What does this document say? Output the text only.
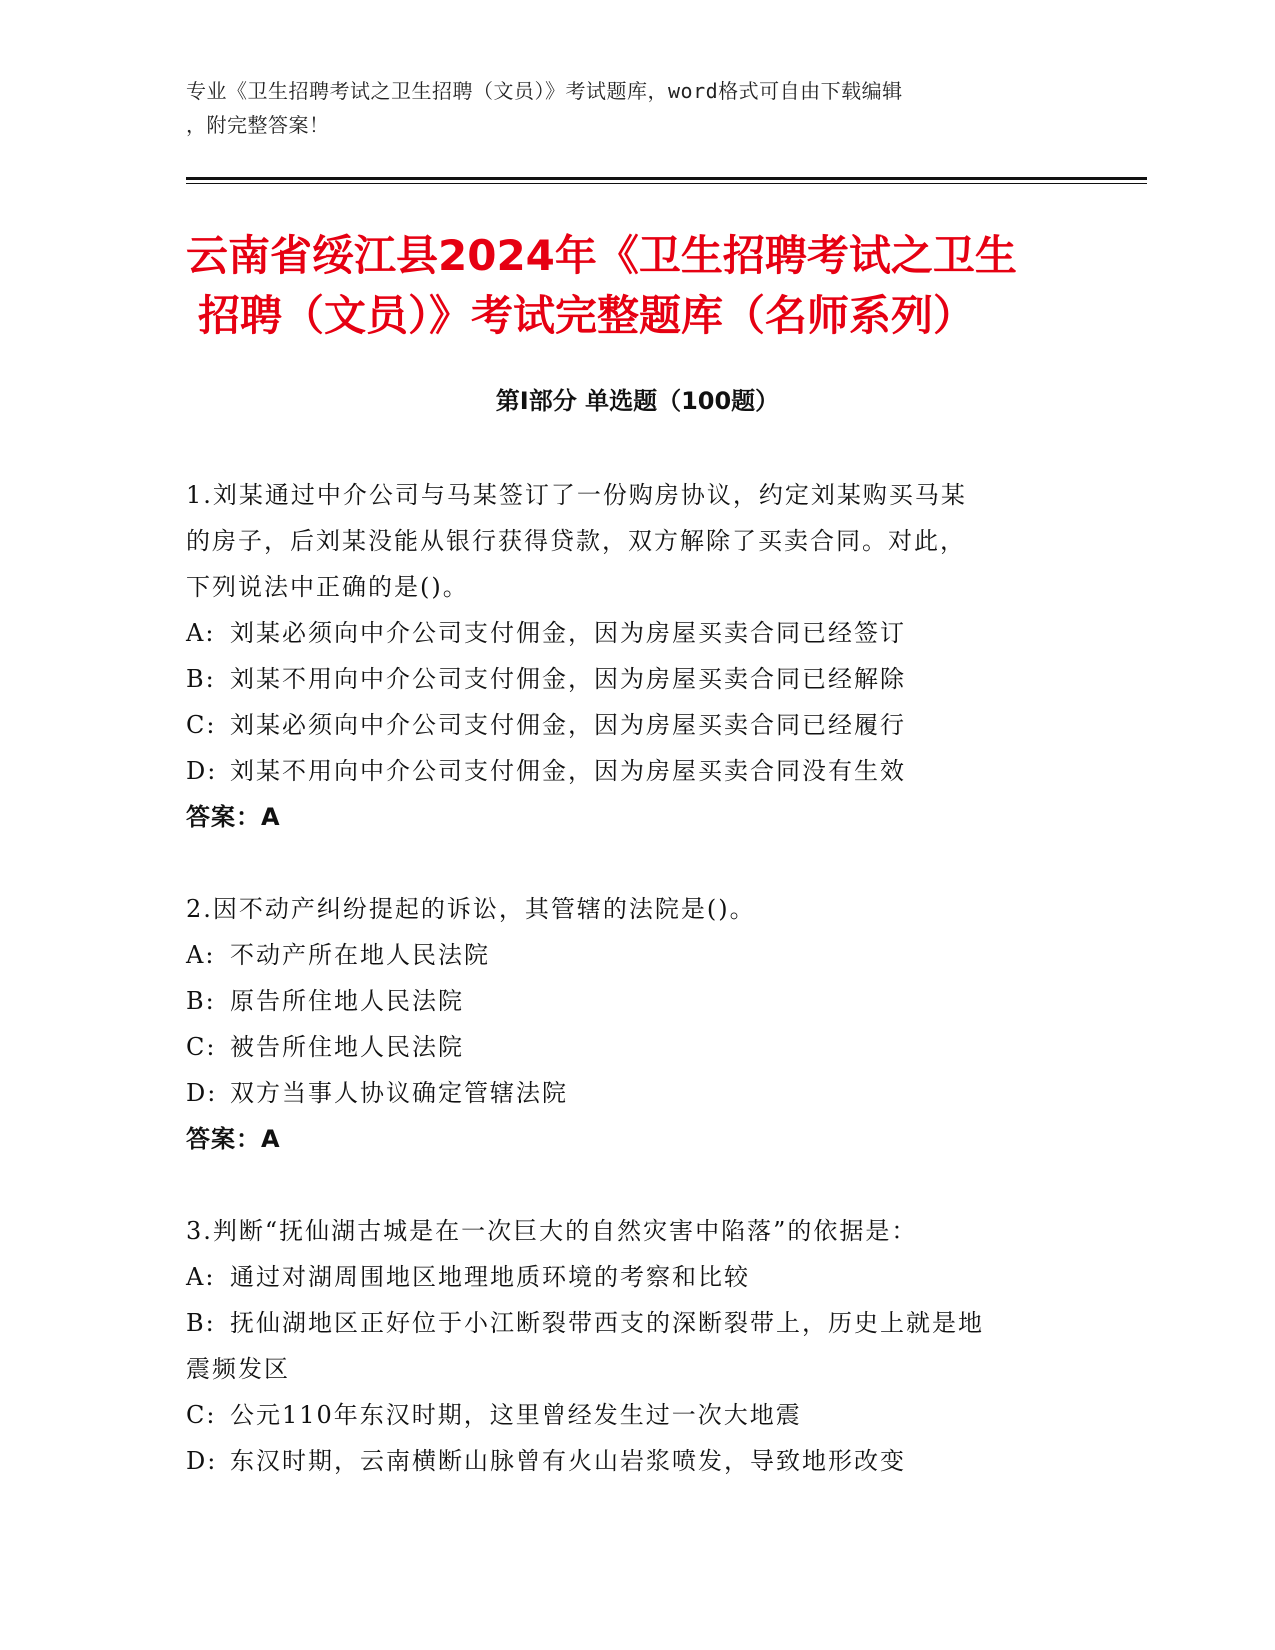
专业《卫生招聘考试之卫生招聘（文员）》考试题库，word格式可自由下载编辑
，附完整答案！
云南省绥江县2024年《卫生招聘考试之卫生
招聘（文员）》考试完整题库（名师系列）
第Ⅰ部分 单选题（100题）
1.刘某通过中介公司与马某签订了一份购房协议，约定刘某购买马某
的房子，后刘某没能从银行获得贷款，双方解除了买卖合同。对此，
下列说法中正确的是()。
A: 刘某必须向中介公司支付佣金，因为房屋买卖合同已经签订
B: 刘某不用向中介公司支付佣金，因为房屋买卖合同已经解除
C: 刘某必须向中介公司支付佣金，因为房屋买卖合同已经履行
D: 刘某不用向中介公司支付佣金，因为房屋买卖合同没有生效
答案：A
2.因不动产纠纷提起的诉讼，其管辖的法院是()。
A: 不动产所在地人民法院
B: 原告所住地人民法院
C: 被告所住地人民法院
D: 双方当事人协议确定管辖法院
答案：A
3.判断“抚仙湖古城是在一次巨大的自然灾害中陷落”的依据是：
A: 通过对湖周围地区地理地质环境的考察和比较
B: 抚仙湖地区正好位于小江断裂带西支的深断裂带上，历史上就是地
震频发区
C: 公元110年东汉时期，这里曾经发生过一次大地震
D: 东汉时期，云南横断山脉曾有火山岩浆喷发，导致地形改变
